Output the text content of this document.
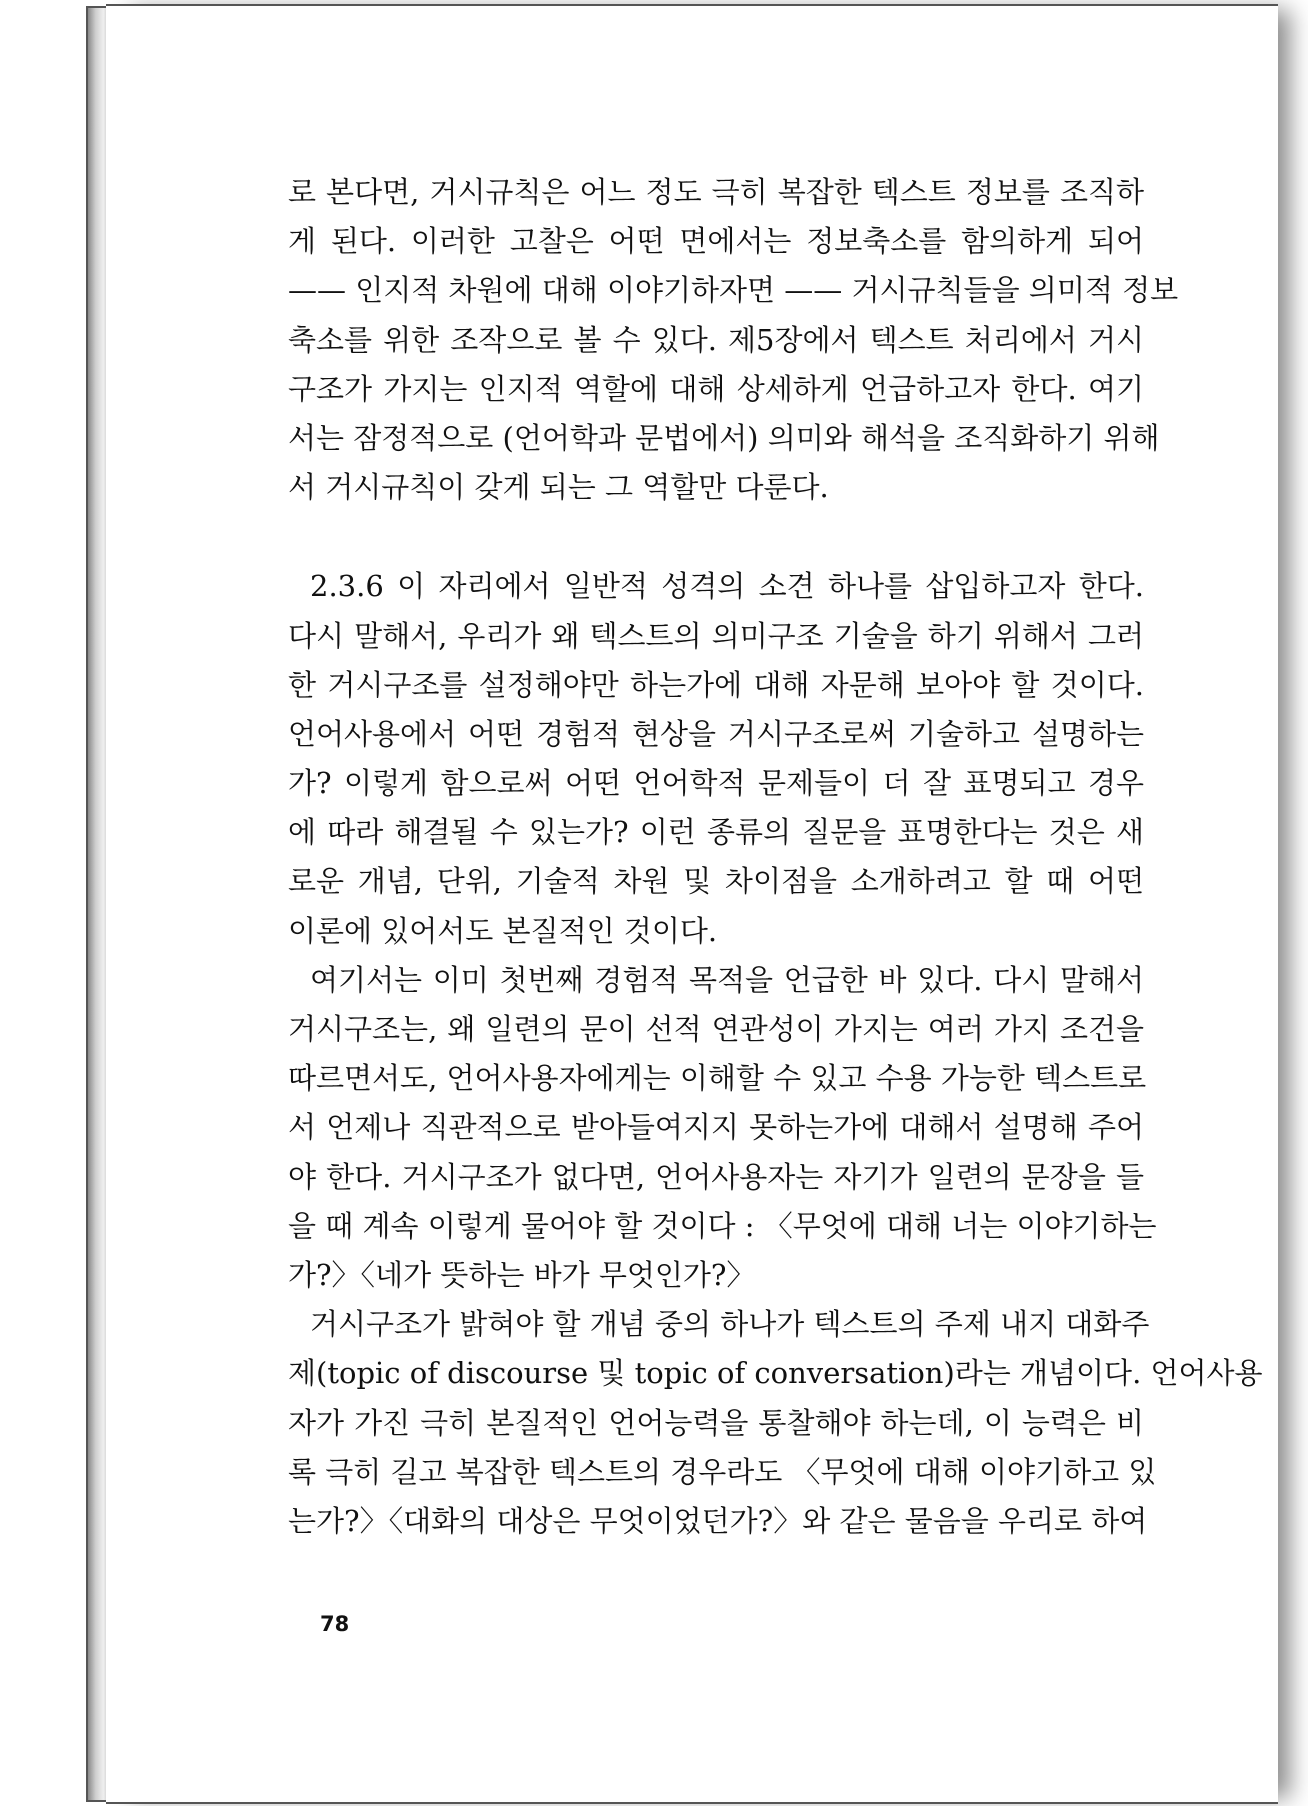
로 본다면, 거시규칙은 어느 정도 극히 복잡한 텍스트 정보를 조직하
게 된다. 이러한 고찰은 어떤 면에서는 정보축소를 함의하게 되어
—— 인지적 차원에 대해 이야기하자면 —— 거시규칙들을 의미적 정보
축소를 위한 조작으로 볼 수 있다. 제5장에서 텍스트 처리에서 거시
구조가 가지는 인지적 역할에 대해 상세하게 언급하고자 한다. 여기
서는 잠정적으로 (언어학과 문법에서) 의미와 해석을 조직화하기 위해
서 거시규칙이 갖게 되는 그 역할만 다룬다.
2.3.6 이 자리에서 일반적 성격의 소견 하나를 삽입하고자 한다.
다시 말해서, 우리가 왜 텍스트의 의미구조 기술을 하기 위해서 그러
한 거시구조를 설정해야만 하는가에 대해 자문해 보아야 할 것이다.
언어사용에서 어떤 경험적 현상을 거시구조로써 기술하고 설명하는
가? 이렇게 함으로써 어떤 언어학적 문제들이 더 잘 표명되고 경우
에 따라 해결될 수 있는가? 이런 종류의 질문을 표명한다는 것은 새
로운 개념, 단위, 기술적 차원 및 차이점을 소개하려고 할 때 어떤
이론에 있어서도 본질적인 것이다.
여기서는 이미 첫번째 경험적 목적을 언급한 바 있다. 다시 말해서
거시구조는, 왜 일련의 문이 선적 연관성이 가지는 여러 가지 조건을
따르면서도, 언어사용자에게는 이해할 수 있고 수용 가능한 텍스트로
서 언제나 직관적으로 받아들여지지 못하는가에 대해서 설명해 주어
야 한다. 거시구조가 없다면, 언어사용자는 자기가 일련의 문장을 들
을 때 계속 이렇게 물어야 할 것이다 : 〈무엇에 대해 너는 이야기하는
가?〉〈네가 뜻하는 바가 무엇인가?〉
거시구조가 밝혀야 할 개념 중의 하나가 텍스트의 주제 내지 대화주
제(topic of discourse 및 topic of conversation)라는 개념이다. 언어사용
자가 가진 극히 본질적인 언어능력을 통찰해야 하는데, 이 능력은 비
록 극히 길고 복잡한 텍스트의 경우라도 〈무엇에 대해 이야기하고 있
는가?〉〈대화의 대상은 무엇이었던가?〉와 같은 물음을 우리로 하여
78
